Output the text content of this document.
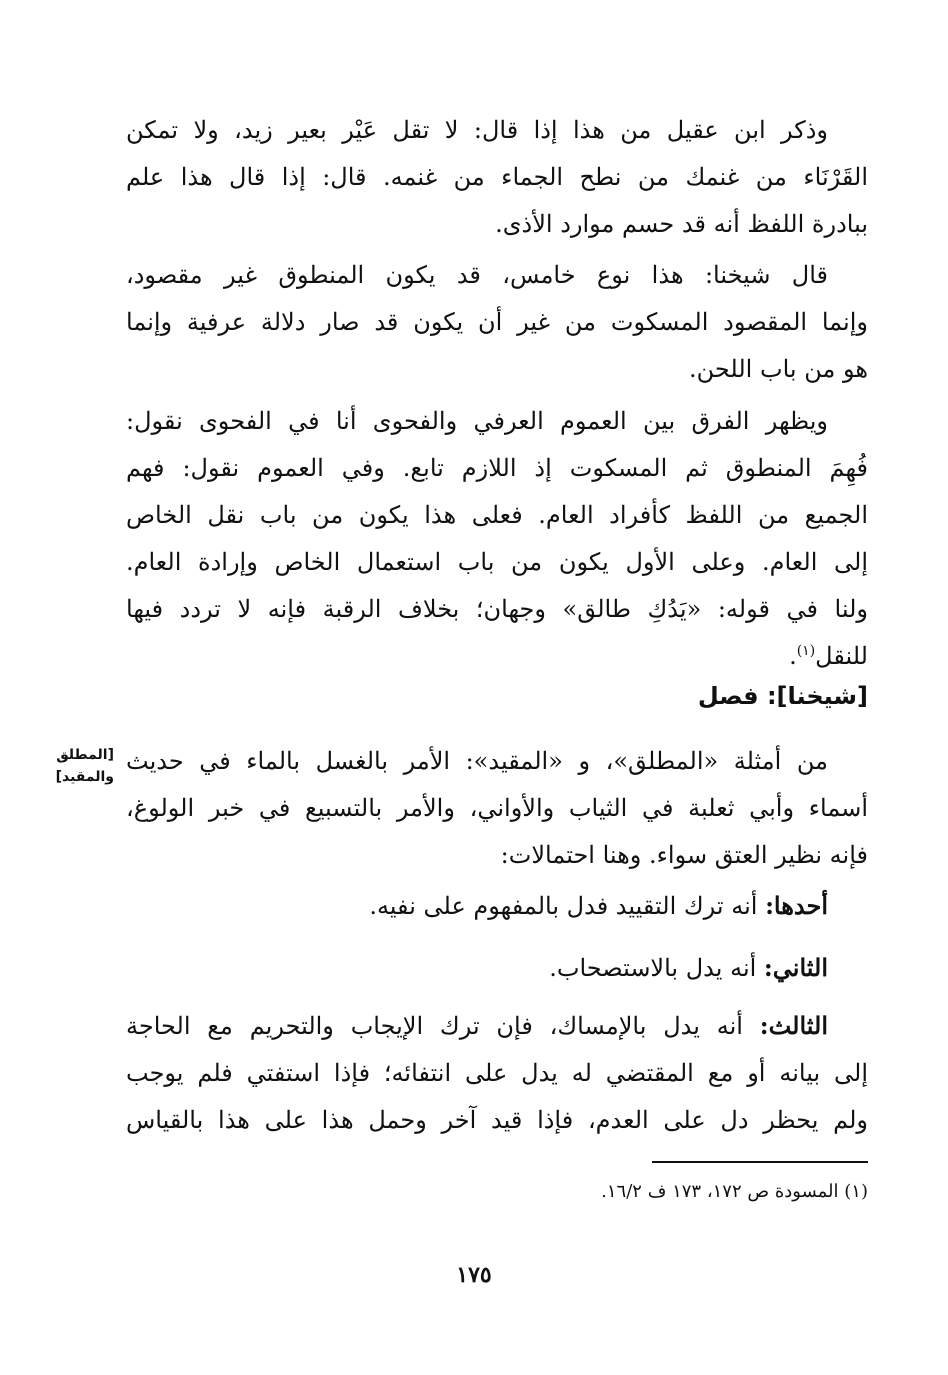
وذكر ابن عقيل من هذا إذا قال: لا تقل عَيْر بعير زيد، ولا تمكن
القَرْنَاء من غنمك من نطح الجماء من غنمه. قال: إذا قال هذا علم
ببادرة اللفظ أنه قد حسم موارد الأذى.

قال شيخنا: هذا نوع خامس، قد يكون المنطوق غير مقصود،
وإنما المقصود المسكوت من غير أن يكون قد صار دلالة عرفية وإنما
هو من باب اللحن.

ويظهر الفرق بين العموم العرفي والفحوى أنا في الفحوى نقول:
فُهِمَ المنطوق ثم المسكوت إذ اللازم تابع. وفي العموم نقول: فهم
الجميع من اللفظ كأفراد العام. فعلى هذا يكون من باب نقل الخاص
إلى العام. وعلى الأول يكون من باب استعمال الخاص وإرادة العام.
ولنا في قوله: «يَدُكِ طالق» وجهان؛ بخلاف الرقبة فإنه لا تردد فيها
للنقل$^{(١)}$.

[شيخنا]: فصل
[المطلق
والمقيد]

من أمثلة «المطلق»، و «المقيد»: الأمر بالغسل بالماء في حديث
أسماء وأبي ثعلبة في الثياب والأواني، والأمر بالتسبيع في خبر الولوغ،
فإنه نظير العتق سواء. وهنا احتمالات:

أحدها: أنه ترك التقييد فدل بالمفهوم على نفيه.

الثاني: أنه يدل بالاستصحاب.

الثالث: أنه يدل بالإمساك، فإن ترك الإيجاب والتحريم مع الحاجة
إلى بيانه أو مع المقتضي له يدل على انتفائه؛ فإذا استفتي فلم يوجب
ولم يحظر دل على العدم، فإذا قيد آخر وحمل هذا على هذا بالقياس

(١) المسودة ص ١٧٢، ١٧٣ ف ١٦/٢.
١٧٥
